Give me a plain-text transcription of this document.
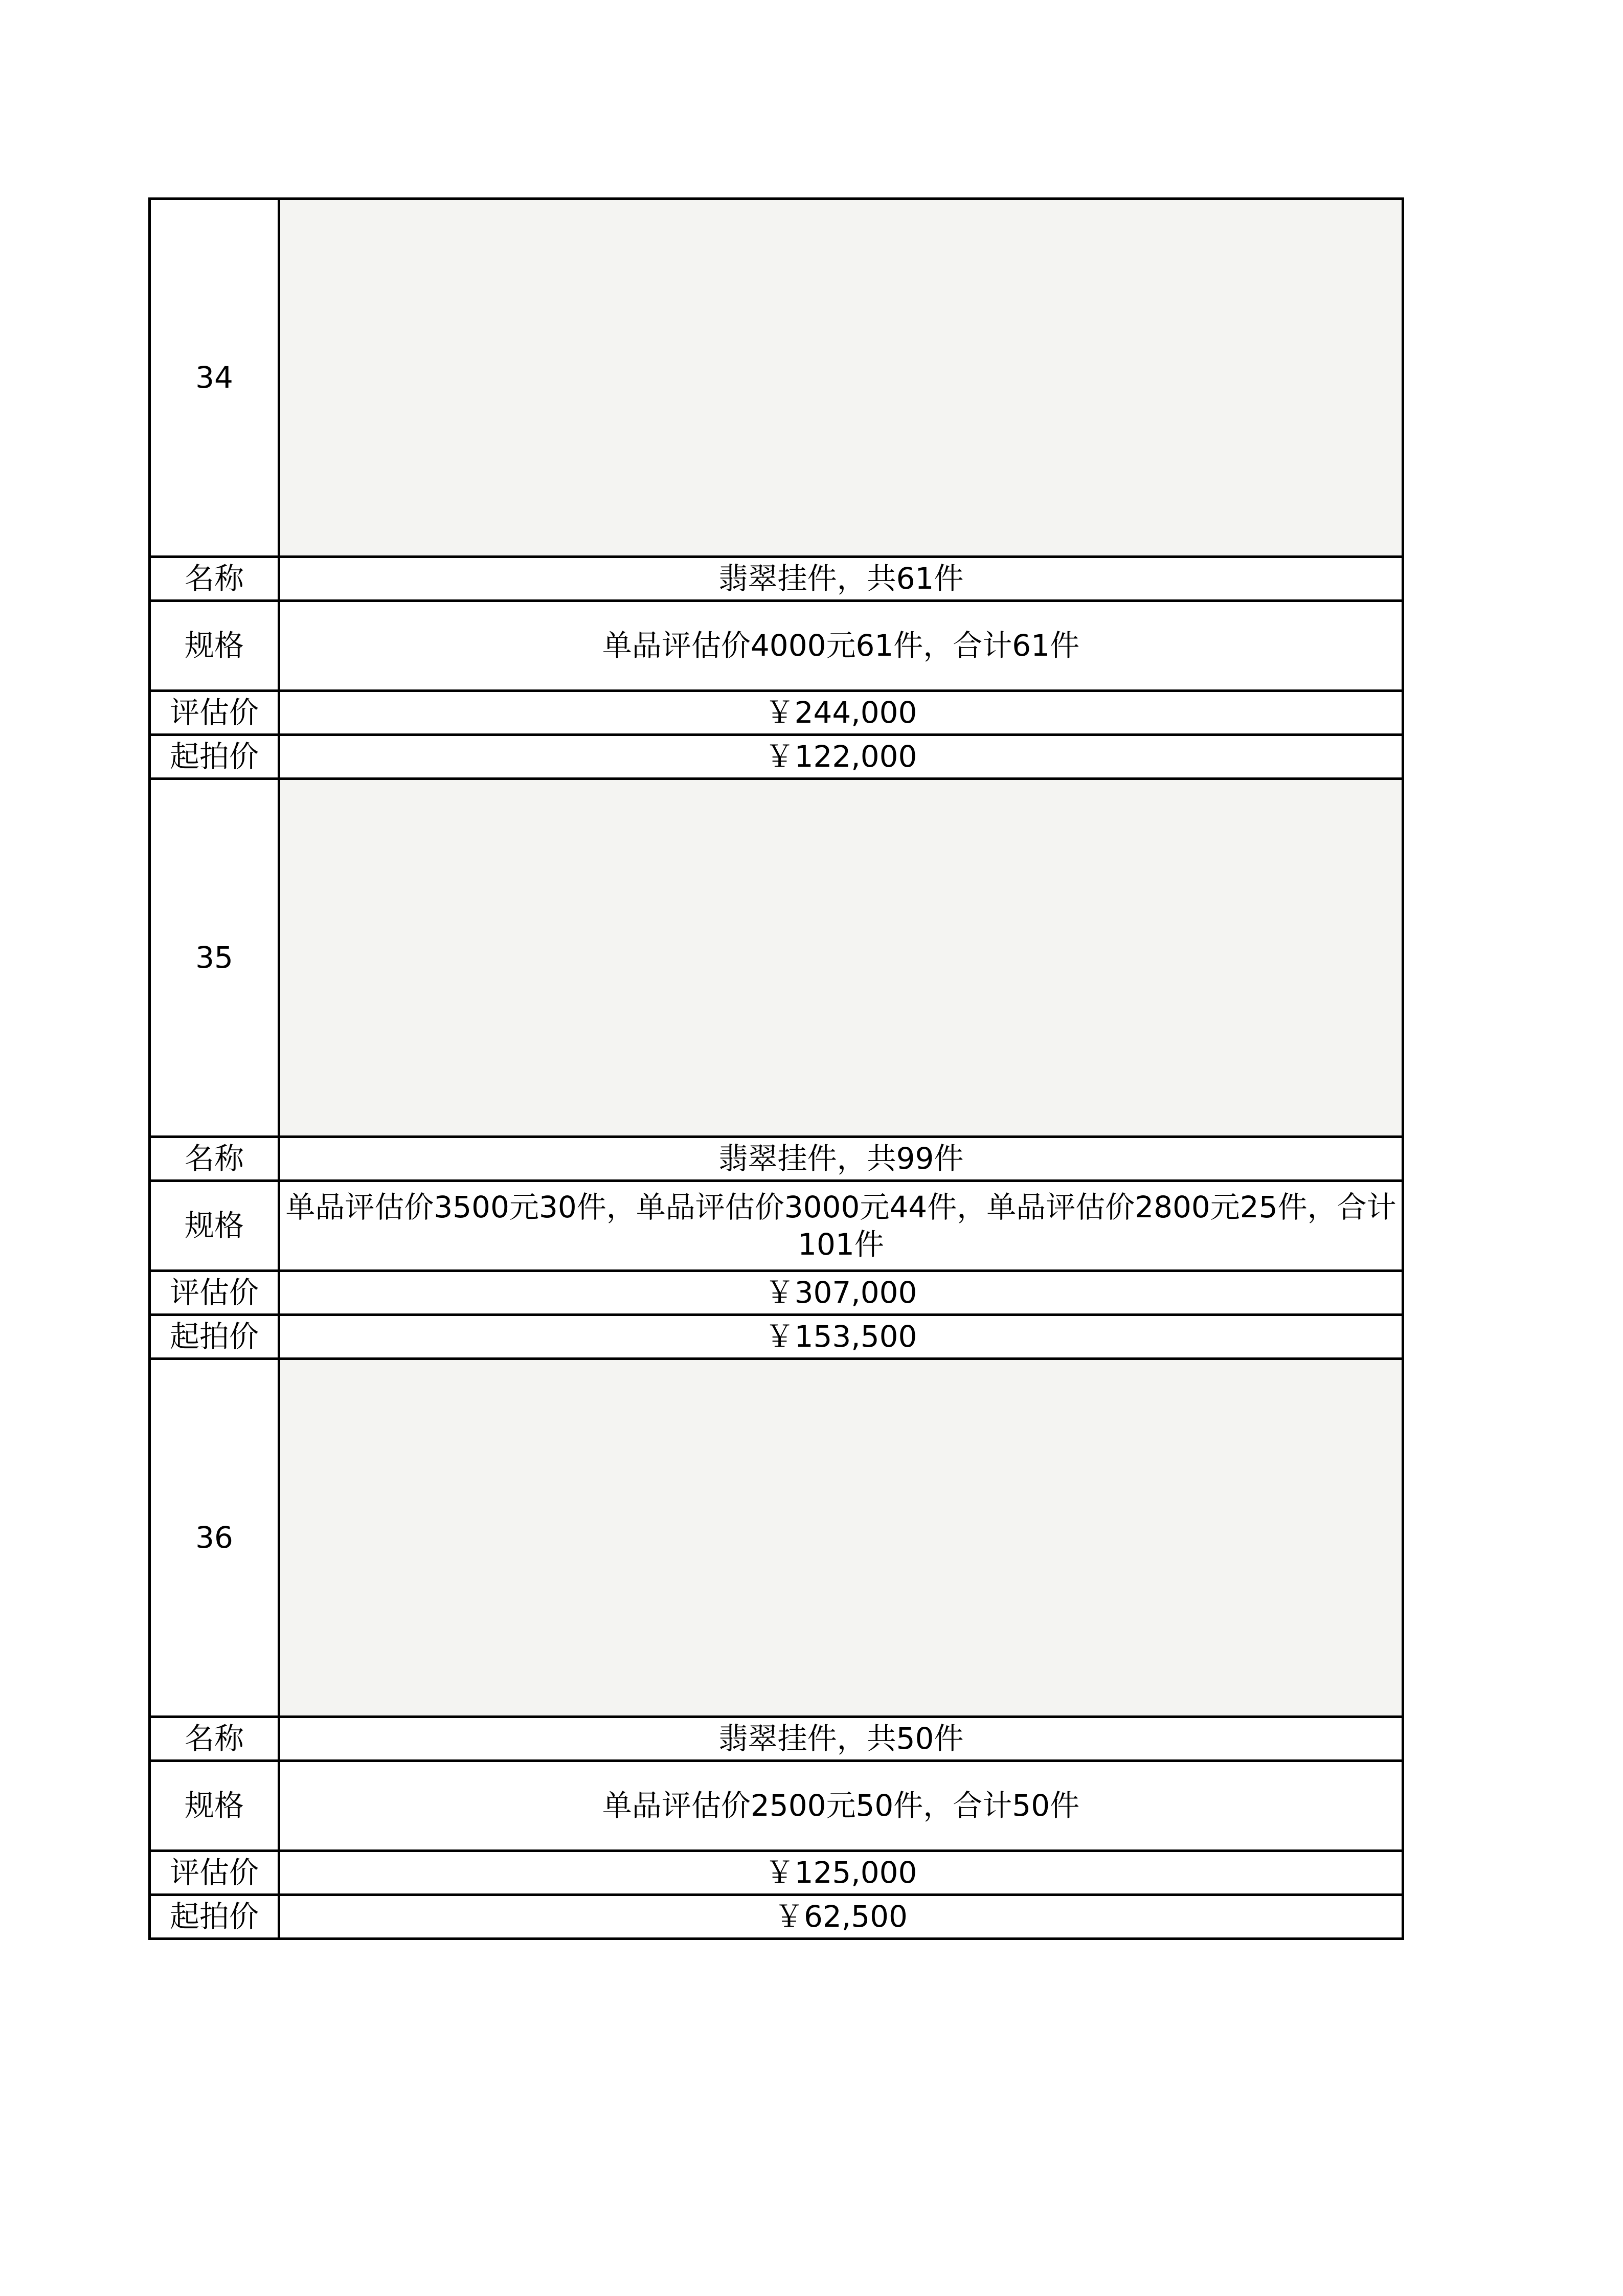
34	

名称	翡翠挂件，共61件
规格	单品评估价4000元61件，合计61件
评估价	￥244,000
起拍价	￥122,000
35	

名称	翡翠挂件，共99件
规格	单品评估价3500元30件，单品评估价3000元44件，单品评估价2800元25件，合计101件
评估价	￥307,000
起拍价	￥153,500
36	

名称	翡翠挂件，共50件
规格	单品评估价2500元50件，合计50件
评估价	￥125,000
起拍价	￥62,500
